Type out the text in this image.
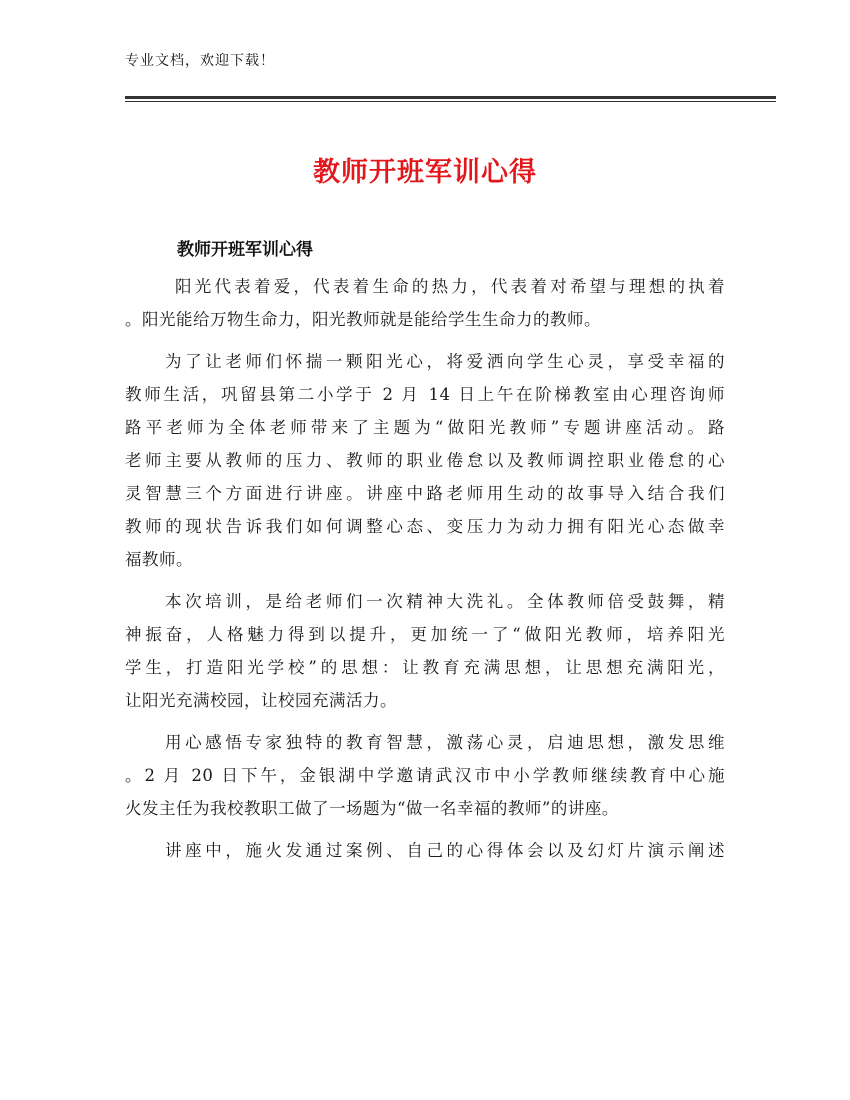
专业文档，欢迎下载！
教师开班军训心得
教师开班军训心得
阳光代表着爱，代表着生命的热力，代表着对希望与理想的执着
。阳光能给万物生命力，阳光教师就是能给学生生命力的教师。
为了让老师们怀揣一颗阳光心，将爱洒向学生心灵，享受幸福的
教师生活，巩留县第二小学于 2 月 14 日上午在阶梯教室由心理咨询师
路平老师为全体老师带来了主题为“做阳光教师”专题讲座活动。路
老师主要从教师的压力、教师的职业倦怠以及教师调控职业倦怠的心
灵智慧三个方面进行讲座。讲座中路老师用生动的故事导入结合我们
教师的现状告诉我们如何调整心态、变压力为动力拥有阳光心态做幸
福教师。
本次培训，是给老师们一次精神大洗礼。全体教师倍受鼓舞，精
神振奋，人格魅力得到以提升，更加统一了“做阳光教师，培养阳光
学生，打造阳光学校”的思想：让教育充满思想，让思想充满阳光，
让阳光充满校园，让校园充满活力。
用心感悟专家独特的教育智慧，激荡心灵，启迪思想，激发思维
。2 月 20 日下午，金银湖中学邀请武汉市中小学教师继续教育中心施
火发主任为我校教职工做了一场题为“做一名幸福的教师”的讲座。
讲座中，施火发通过案例、自己的心得体会以及幻灯片演示阐述
